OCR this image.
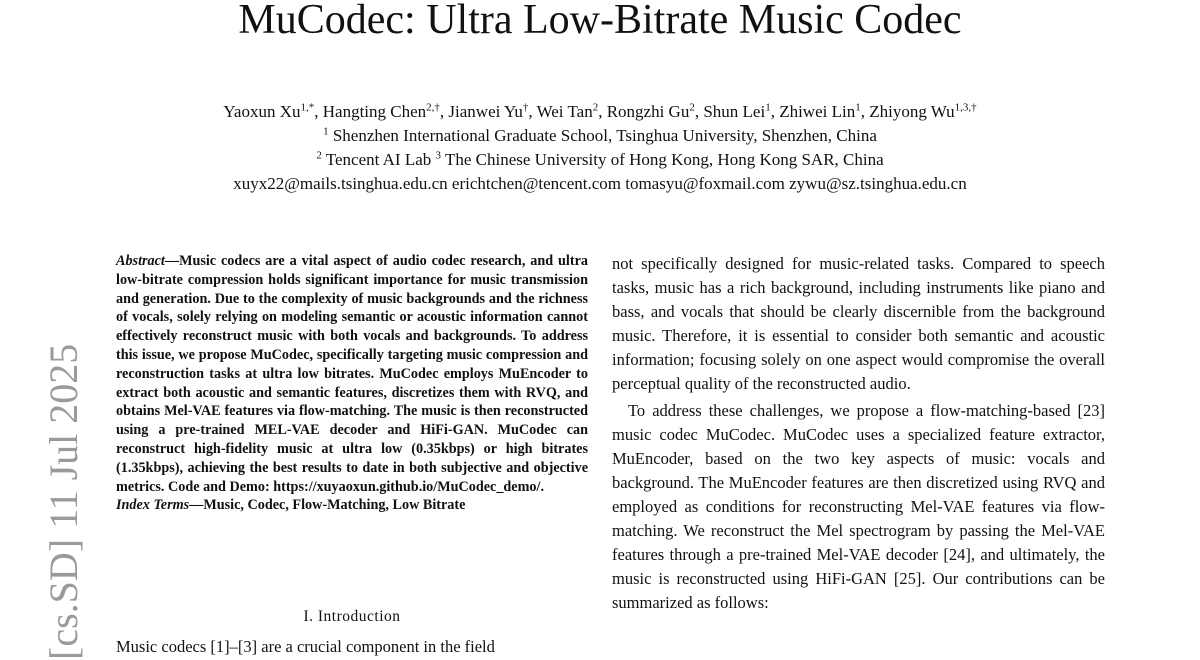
MuCodec: Ultra Low-Bitrate Music Codec
Yaoxun $Xu^{1,*}$, Hangting Chen$^{2,\dagger}$, Jianwei Yu†, Wei Tan$^2$, Rongzhi Gu$^2$, Shun Lei$^1$, Zhiwei Lin$^1$, Zhiyong $Wu^{1,3,\dagger}$
$^1$ Shenzhen International Graduate School, Tsinghua University, Shenzhen, China
$^2$ Tencent AI Lab $^3$ The Chinese University of Hong Kong, Hong Kong SAR, China
xuyx22@mails.tsinghua.edu.cn erichtchen@tencent.com tomasyu@foxmail.com zywu@sz.tsinghua.edu.cn
[cs.SD] 11 Jul 2025

Abstract—Music codecs are a vital aspect of audio codec research, and ultra low-bitrate compression holds significant importance for music transmission and generation. Due to the complexity of music backgrounds and the richness of vocals, solely relying on modeling semantic or acoustic information cannot effectively reconstruct music with both vocals and backgrounds. To address this issue, we propose MuCodec, specifically targeting music compression and reconstruction tasks at ultra low bitrates. MuCodec employs MuEncoder to extract both acoustic and semantic features, discretizes them with RVQ, and obtains Mel-VAE features via flow-matching. The music is then reconstructed using a pre-trained MEL-VAE decoder and HiFi-GAN. MuCodec can reconstruct high-fidelity music at ultra low (0.35kbps) or high bitrates (1.35kbps), achieving the best results to date in both subjective and objective metrics. Code and Demo: https://xuyaoxun.github.io/MuCodec_demo/.

Index Terms—Music, Codec, Flow-Matching, Low Bitrate

I. Introduction
Music codecs [1]–[3] are a crucial component in the field

not specifically designed for music-related tasks. Compared to speech tasks, music has a rich background, including instruments like piano and bass, and vocals that should be clearly discernible from the background music. Therefore, it is essential to consider both semantic and acoustic information; focusing solely on one aspect would compromise the overall perceptual quality of the reconstructed audio.

To address these challenges, we propose a flow-matching-based [23] music codec MuCodec. MuCodec uses a specialized feature extractor, MuEncoder, based on the two key aspects of music: vocals and background. The MuEncoder features are then discretized using RVQ and employed as conditions for reconstructing Mel-VAE features via flow-matching. We reconstruct the Mel spectrogram by passing the Mel-VAE features through a pre-trained Mel-VAE decoder [24], and ultimately, the music is reconstructed using HiFi-GAN [25]. Our contributions can be summarized as follows:
